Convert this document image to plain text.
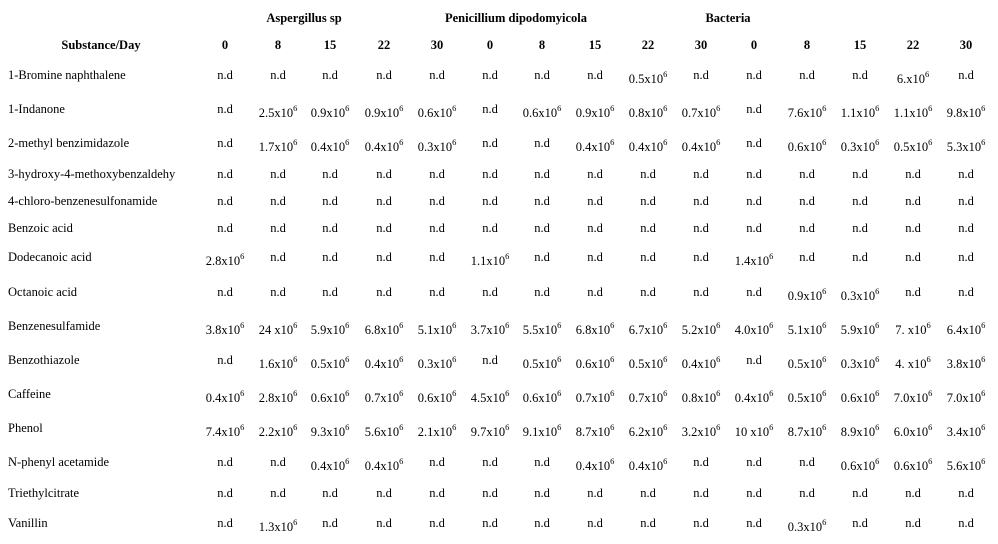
Aspergillus sp	Penicillium dipodomyicola	Bacteria
Substance/Day	0	8	15	22	30	0	8	15	22	30	0	8	15	22	30
1-Bromine naphthalene	n.d	n.d	n.d	n.d	n.d	n.d	n.d	n.d $0.5x10^6$ n.d	n.d	n.d	n.d $6.x10^6$ n.d
1-Indanone	n.d $2.5x10^6$ $0.9x10^6$ $0.9x10^6$ $0.6x10^6$ n.d $0.6x10^6$ $0.9x10^6$ $0.8x10^6$ $0.7x10^6$ n.d $7.6x10^6$ $1.1x10^6$ $1.1x10^6$ $9.8x10^6$
2-methyl benzimidazole	n.d $1.7x10^6$ $0.4x10^6$ $0.4x10^6$ $0.3x10^6$ n.d	n.d $0.4x10^6$ $0.4x10^6$ $0.4x10^6$ n.d $0.6x10^6$ $0.3x10^6$ $0.5x10^6$ $5.3x10^6$
3-hydroxy-4-methoxybenzaldehy	n.d	n.d	n.d	n.d	n.d	n.d	n.d	n.d	n.d	n.d	n.d	n.d	n.d	n.d	n.d
4-chloro-benzenesulfonamide	n.d	n.d	n.d	n.d	n.d	n.d	n.d	n.d	n.d	n.d	n.d	n.d	n.d	n.d	n.d
Benzoic acid	n.d	n.d	n.d	n.d	n.d	n.d	n.d	n.d	n.d	n.d	n.d	n.d	n.d	n.d	n.d
Dodecanoic acid	$2.8x10^6$ n.d	n.d	n.d	n.d $1.1x10^6$ n.d	n.d	n.d	n.d $1.4x10^6$ n.d	n.d	n.d	n.d
Octanoic acid	n.d	n.d	n.d	n.d	n.d	n.d	n.d	n.d	n.d	n.d	n.d $0.9x10^6$ $0.3x10^6$ n.d	n.d
Benzenesulfamide	$3.8x10^6$ 24 $x10^6$ $5.9x10^6$ $6.8x10^6$ $5.1x10^6$ $3.7x10^6$ $5.5x10^6$ $6.8x10^6$ $6.7x10^6$ $5.2x10^6$ $4.0x10^6$ $5.1x10^6$ $5.9x10^6$ 7. $x10^6$ $6.4x10^6$
Benzothiazole	n.d $1.6x10^6$ $0.5x10^6$ $0.4x10^6$ $0.3x10^6$ n.d $0.5x10^6$ $0.6x10^6$ $0.5x10^6$ $0.4x10^6$ n.d $0.5x10^6$ $0.3x10^6$ 4. $x10^6$ $3.8x10^6$
Caffeine	$0.4x10^6$ $2.8x10^6$ $0.6x10^6$ $0.7x10^6$ $0.6x10^6$ $4.5x10^6$ $0.6x10^6$ $0.7x10^6$ $0.7x10^6$ $0.8x10^6$ $0.4x10^6$ $0.5x10^6$ $0.6x10^6$ $7.0x10^6$ $7.0x10^6$
Phenol	$7.4x10^6$ $2.2x10^6$ $9.3x10^6$ $5.6x10^6$ $2.1x10^6$ $9.7x10^6$ $9.1x10^6$ $8.7x10^6$ $6.2x10^6$ $3.2x10^6$ 10 $x10^6$ $8.7x10^6$ $8.9x10^6$ $6.0x10^6$ $3.4x10^6$
N-phenyl acetamide	n.d	n.d $0.4x10^6$ $0.4x10^6$ n.d	n.d	n.d $0.4x10^6$ $0.4x10^6$ n.d	n.d	n.d $0.6x10^6$ $0.6x10^6$ $5.6x10^6$
Triethylcitrate	n.d	n.d	n.d	n.d	n.d	n.d	n.d	n.d	n.d	n.d	n.d	n.d	n.d	n.d	n.d
Vanillin	n.d $1.3x10^6$ n.d	n.d	n.d	n.d	n.d	n.d	n.d	n.d	n.d $0.3x10^6$ n.d	n.d	n.d
